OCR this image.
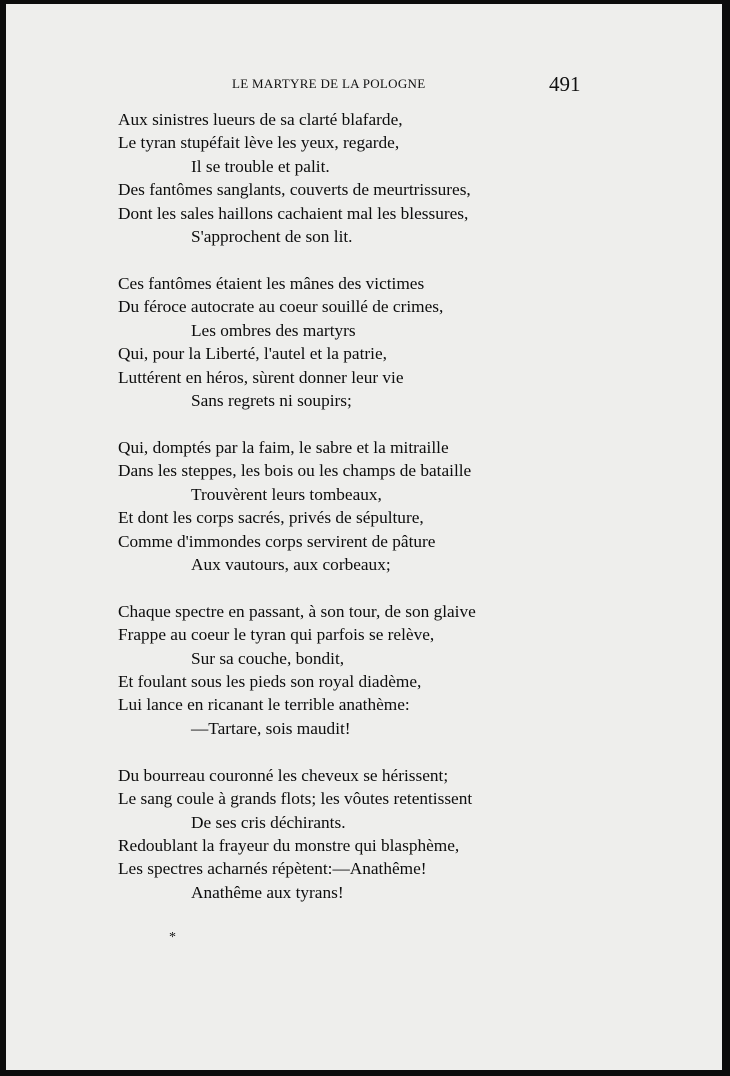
LE MARTYRE DE LA POLOGNE	491
Aux sinistres lueurs de sa clarté blafarde,
Le tyran stupéfait lève les yeux, regarde,
Il se trouble et palit.
Des fantômes sanglants, couverts de meurtrissures,
Dont les sales haillons cachaient mal les blessures,
S'approchent de son lit.
Ces fantômes étaient les mânes des victimes
Du féroce autocrate au coeur souillé de crimes,
Les ombres des martyrs
Qui, pour la Liberté, l'autel et la patrie,
Luttérent en héros, sùrent donner leur vie
Sans regrets ni soupirs;
Qui, domptés par la faim, le sabre et la mitraille
Dans les steppes, les bois ou les champs de bataille
Trouvèrent leurs tombeaux,
Et dont les corps sacrés, privés de sépulture,
Comme d'immondes corps servirent de pâture
Aux vautours, aux corbeaux;
Chaque spectre en passant, à son tour, de son glaive
Frappe au coeur le tyran qui parfois se relève,
Sur sa couche, bondit,
Et foulant sous les pieds son royal diadème,
Lui lance en ricanant le terrible anathème:
—Tartare, sois maudit!
Du bourreau couronné les cheveux se hérissent;
Le sang coule à grands flots; les vôutes retentissent
De ses cris déchirants.
Redoublant la frayeur du monstre qui blasphème,
Les spectres acharnés répètent:—Anathême!
Anathême aux tyrans!
*
